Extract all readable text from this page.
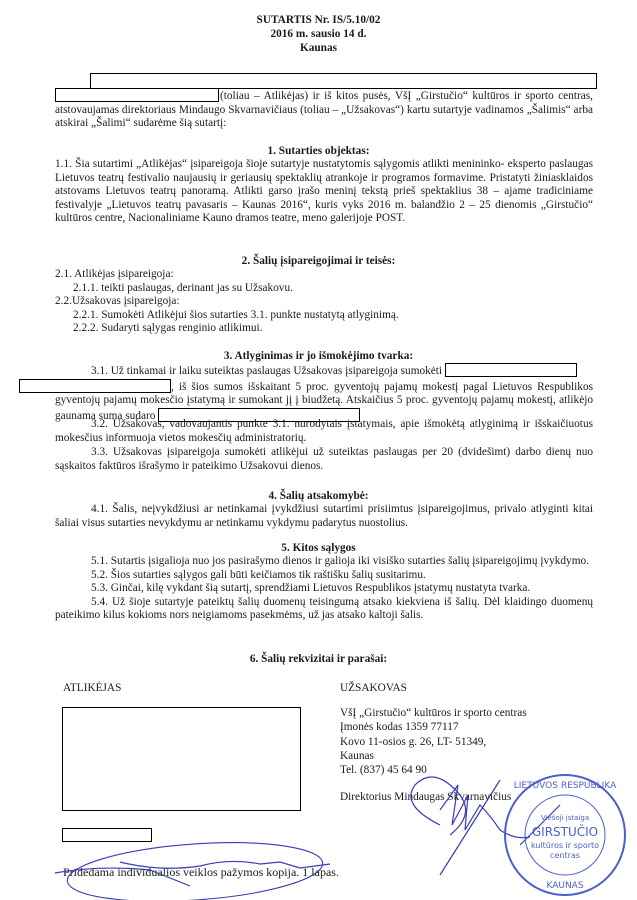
SUTARTIS Nr. IS/5.10/02
2016 m. sausio 14 d.
Kaunas
(toliau – Atlikėjas) ir iš kitos pusės, VšĮ „Girstučio“ kultūros ir sporto centras, atstovaujamas direktoriaus Mindaugo Skvarnavičiaus (toliau – „Užsakovas“) kartu sutartyje vadinamos „Šalimis“ arba atskirai „Šalimi“ sudarėme šią sutartį:
1. Sutarties objektas:
1.1. Šia sutartimi „Atlikėjas“ įsipareigoja šioje sutartyje nustatytomis sąlygomis atlikti menininko- eksperto paslaugas Lietuvos teatrų festivalio naujausių ir geriausių spektaklių atrankoje ir programos formavime. Pristatyti žiniasklaidos atstovams Lietuvos teatrų panoramą. Atlikti garso įrašo meninį tekstą prieš spektaklius 38 – ajame tradiciniame festivalyje „Lietuvos teatrų pavasaris – Kaunas 2016“, kuris vyks 2016 m. balandžio 2 – 25 dienomis „Girstučio“ kultūros centre, Nacionaliniame Kauno dramos teatre, meno galerijoje POST.
2. Šalių įsipareigojimai ir teisės:
2.1. Atlikėjas įsipareigoja:
2.1.1. teikti paslaugas, derinant jas su Užsakovu.
2.2.Užsakovas įsipareigoja:
2.2.1. Sumokėti Atlikėjui šios sutarties 3.1. punkte nustatytą atlyginimą.
2.2.2. Sudaryti sąlygas renginio atlikimui.
3. Atlyginimas ir jo išmokėjimo tvarka:
3.1. Už tinkamai ir laiku suteiktas paslaugas Užsakovas įsipareigoja sumokėti
, iš šios sumos išskaitant 5 proc. gyventojų pajamų mokestį pagal Lietuvos Respublikos gyventojų pajamų mokesčio įstatymą ir sumokant jį į biudžetą. Atskaičius 5 proc. gyventojų pajamų mokestį, atlikėjo gaunama suma sudaro
3.2. Užsakovas, vadovaujantis punkte 3.1. nurodytais įstatymais, apie išmokėtą atlyginimą ir išskaičiuotus mokesčius informuoja vietos mokesčių administratorių.
3.3. Užsakovas įsipareigoja sumokėti atlikėjui už suteiktas paslaugas per 20 (dvidešimt) darbo dienų nuo sąskaitos faktūros išrašymo ir pateikimo Užsakovui dienos.
4. Šalių atsakomybė:
4.1. Šalis, neįvykdžiusi ar netinkamai įvykdžiusi sutartimi prisiimtus įsipareigojimus, privalo atlyginti kitai šaliai visus sutarties nevykdymu ar netinkamu vykdymu padarytus nuostolius.
5. Kitos sąlygos
5.1. Sutartis įsigalioja nuo jos pasirašymo dienos ir galioja iki visiško sutarties šalių įsipareigojimų įvykdymo.
5.2. Šios sutarties sąlygos gali būti keičiamos tik raštišku šalių susitarimu.
5.3. Ginčai, kilę vykdant šią sutartį, sprendžiami Lietuvos Respublikos įstatymų nustatyta tvarka.
5.4. Už šioje sutartyje pateiktų šalių duomenų teisingumą atsako kiekviena iš šalių. Dėl klaidingo duomenų pateikimo kilus kokioms nors neigiamoms pasekmėms, už jas atsako kaltoji šalis.
6. Šalių rekvizitai ir parašai:
ATLIKĖJAS	UŽSAKOVAS
VšĮ „Girstučio“ kultūros ir sporto centras
Įmonės kodas 1359 77117
Kovo 11-osios g. 26, LT- 51349,
Kaunas
Tel. (837) 45 64 90
Direktorius Mindaugas Skvarnavičius
Pridedama individualios veiklos pažymos kopija. 1 lapas.
LIETUVOS RESPUBLIKA
Viešoji įstaiga
GIRSTUČIO
kultūros ir sporto
centras
KAUNAS
